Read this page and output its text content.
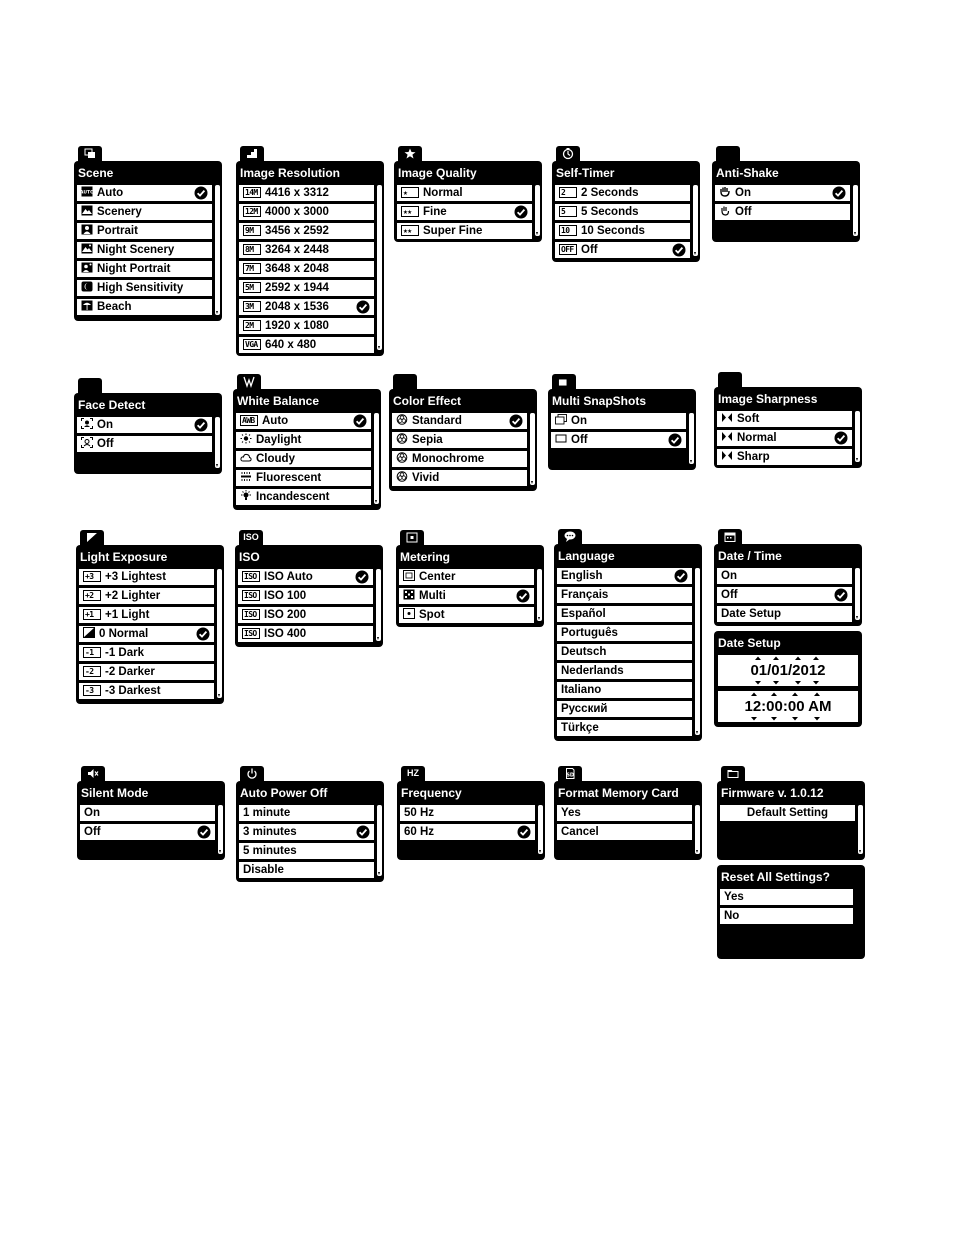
Scene
AUTO Auto
Scenery
Portrait
Night Scenery
Night Portrait
High Sensitivity
Beach
Image Resolution
14M 4416 x 3312
12M 4000 x 3000
9M 3456 x 2592
8M 3264 x 2448
7M 3648 x 2048
5M 2592 x 1944
3M 2048 x 1536
2M 1920 x 1080
VGA 640 x 480
Image Quality
★ Normal
★★ Fine
★★ Super Fine
Self-Timer
2 2 Seconds
5 5 Seconds
10 10 Seconds
OFF Off
Anti-Shake
On
Off
Face Detect
On
Off
White Balance
AWB Auto
Daylight
Cloudy
Fluorescent
Incandescent
Color Effect
Standard
Sepia
Monochrome
Vivid
Multi SnapShots
On
Off
Image Sharpness
Soft
Normal
Sharp
Light Exposure
+3 +3 Lightest
+2 +2 Lighter
+1 +1 Light
0 Normal
-1 -1 Dark
-2 -2 Darker
-3 -3 Darkest
ISO
ISO
ISO ISO Auto
ISO ISO 100
ISO ISO 200
ISO ISO 400
Metering
Center
Multi
Spot
Language
English
Français
Español
Português
Deutsch
Nederlands
Italiano
Русский
Türkçe
Date / Time
On
Off
Date Setup
Silent Mode
On
Off
Auto Power Off
1 minute
3 minutes
5 minutes
Disable
HZ
Frequency
50 Hz
60 Hz
SD
Format Memory Card
Yes
Cancel
Firmware v. 1.0.12
Default Setting
Reset All Settings?
Yes
No
Date Setup
01/01/2012
12:00:00 AM
